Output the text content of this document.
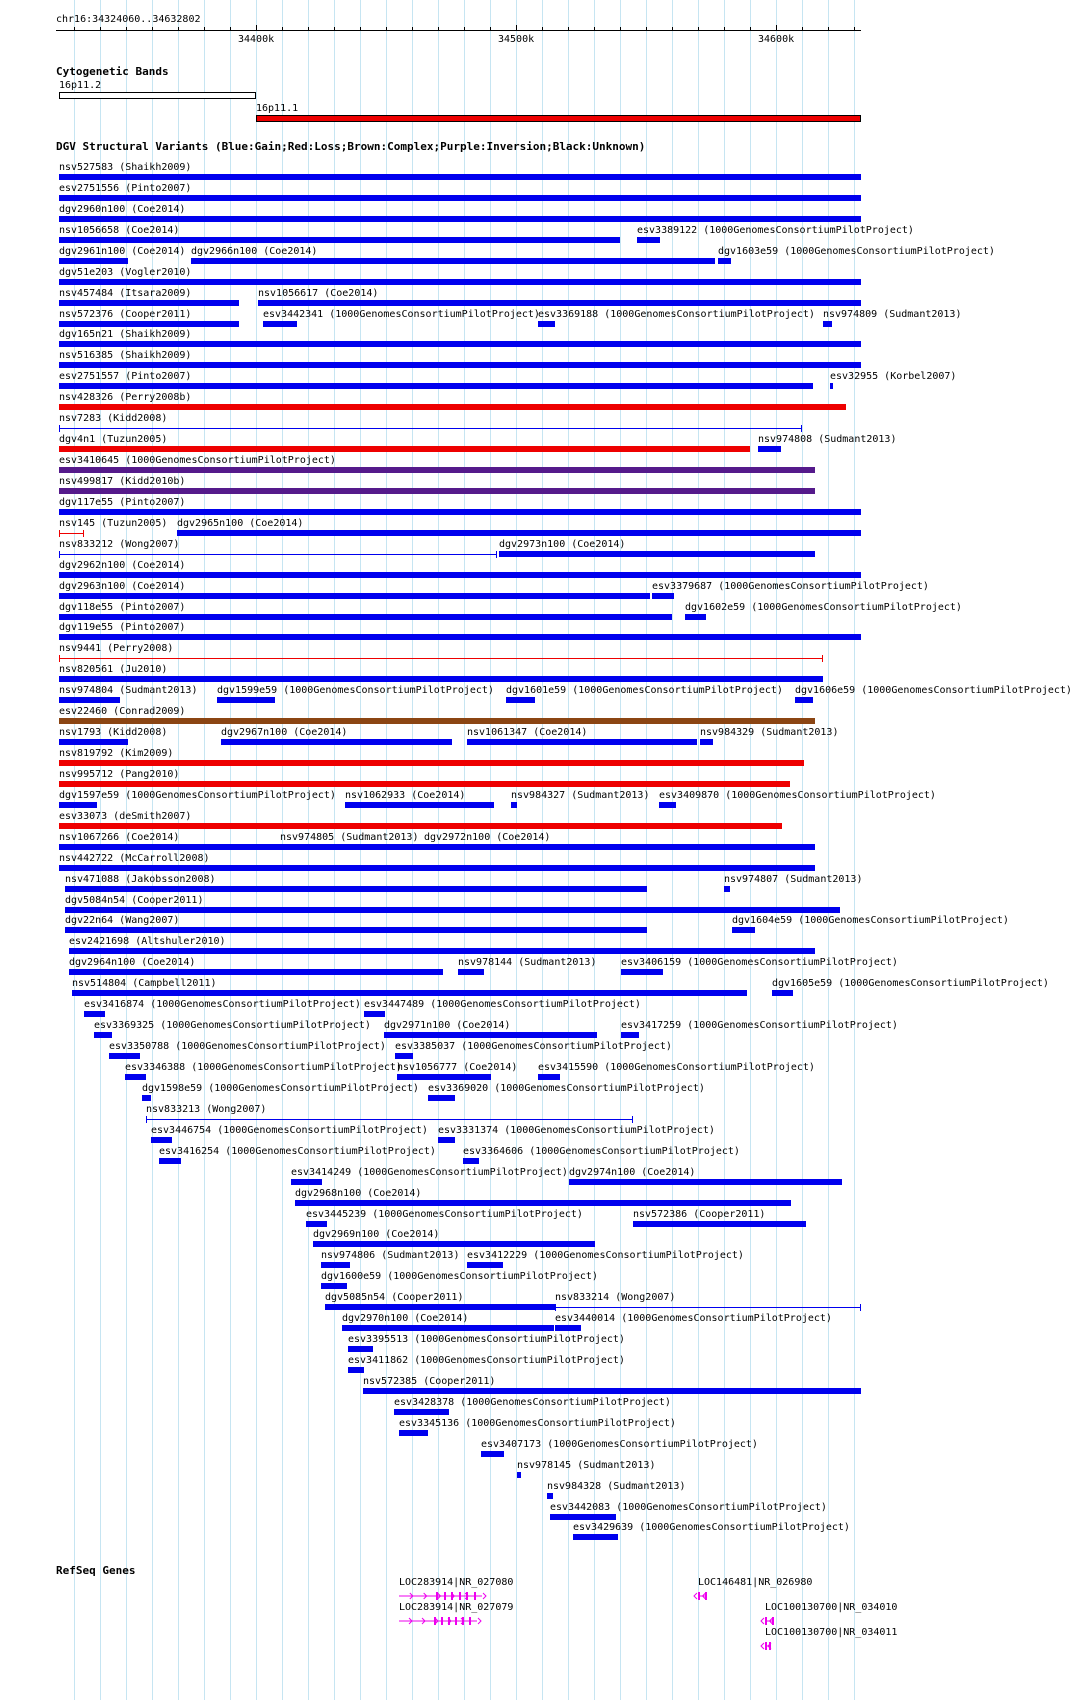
chr16:34324060..34632802
34400k	34500k	34600k
Cytogenetic Bands
DGV Structural Variants (Blue:Gain;Red:Loss;Brown:Complex;Purple:Inversion;Black:Unknown)
RefSeq Genes
16p11.2
16p11.1
nsv527583 (Shaikh2009)
esv2751556 (Pinto2007)
dgv2960n100 (Coe2014)
nsv1056658 (Coe2014)	esv3389122 (1000GenomesConsortiumPilotProject)
dgv2961n100 (Coe2014) dgv2966n100 (Coe2014)	dgv1603e59 (1000GenomesConsortiumPilotProject)
dgv51e203 (Vogler2010)
nsv457484 (Itsara2009)	nsv1056617 (Coe2014)
nsv572376 (Cooper2011)	esv3442341 (1000GenomesConsortiumPilotProject)
esv3369188 (1000GenomesConsortiumPilotProject) nsv974809 (Sudmant2013)
dgv165n21 (Shaikh2009)
nsv516385 (Shaikh2009)
esv2751557 (Pinto2007)	esv32955 (Korbel2007)
nsv428326 (Perry2008b)
nsv7283 (Kidd2008)
dgv4n1 (Tuzun2005)	nsv974808 (Sudmant2013)
esv3410645 (1000GenomesConsortiumPilotProject)
nsv499817 (Kidd2010b)
dgv117e55 (Pinto2007)
nsv145 (Tuzun2005) dgv2965n100 (Coe2014)
nsv833212 (Wong2007)	dgv2973n100 (Coe2014)
dgv2962n100 (Coe2014)
dgv2963n100 (Coe2014)	esv3379687 (1000GenomesConsortiumPilotProject)
dgv118e55 (Pinto2007)	dgv1602e59 (1000GenomesConsortiumPilotProject)
dgv119e55 (Pinto2007)
nsv9441 (Perry2008)
nsv820561 (Ju2010)
nsv974804 (Sudmant2013) dgv1599e59 (1000GenomesConsortiumPilotProject) dgv1601e59 (1000GenomesConsortiumPilotProject) dgv1606e59 (1000GenomesConsortiumPilotProject)
esv22460 (Conrad2009)
nsv1793 (Kidd2008)	dgv2967n100 (Coe2014)	nsv1061347 (Coe2014)	nsv984329 (Sudmant2013)
nsv819792 (Kim2009)
nsv995712 (Pang2010)
dgv1597e59 (1000GenomesConsortiumPilotProject) nsv1062933 (Coe2014)	nsv984327 (Sudmant2013) esv3409870 (1000GenomesConsortiumPilotProject)
esv33073 (deSmith2007)
nsv1067266 (Coe2014)	nsv974805 (Sudmant2013) dgv2972n100 (Coe2014)
nsv442722 (McCarroll2008)
nsv471088 (Jakobsson2008)	nsv974807 (Sudmant2013)
dgv5084n54 (Cooper2011)
dgv22n64 (Wang2007)	dgv1604e59 (1000GenomesConsortiumPilotProject)
esv2421698 (Altshuler2010)
dgv2964n100 (Coe2014)	nsv978144 (Sudmant2013) esv3406159 (1000GenomesConsortiumPilotProject)
nsv514804 (Campbell2011)	dgv1605e59 (1000GenomesConsortiumPilotProject)
esv3416874 (1000GenomesConsortiumPilotProject) esv3447489 (1000GenomesConsortiumPilotProject)
esv3369325 (1000GenomesConsortiumPilotProject) dgv2971n100 (Coe2014)	esv3417259 (1000GenomesConsortiumPilotProject)
esv3350788 (1000GenomesConsortiumPilotProject) esv3385037 (1000GenomesConsortiumPilotProject)
esv3346388 (1000GenomesConsortiumPilotProject)
nsv1056777 (Coe2014) esv3415590 (1000GenomesConsortiumPilotProject)
dgv1598e59 (1000GenomesConsortiumPilotProject) esv3369020 (1000GenomesConsortiumPilotProject)
nsv833213 (Wong2007)
esv3446754 (1000GenomesConsortiumPilotProject) esv3331374 (1000GenomesConsortiumPilotProject)
esv3416254 (1000GenomesConsortiumPilotProject)	esv3364606 (1000GenomesConsortiumPilotProject)
esv3414249 (1000GenomesConsortiumPilotProject) dgv2974n100 (Coe2014)
dgv2968n100 (Coe2014)
esv3445239 (1000GenomesConsortiumPilotProject)	nsv572386 (Cooper2011)
dgv2969n100 (Coe2014)
nsv974806 (Sudmant2013) esv3412229 (1000GenomesConsortiumPilotProject)
dgv1600e59 (1000GenomesConsortiumPilotProject)
dgv5085n54 (Cooper2011)	nsv833214 (Wong2007)
dgv2970n100 (Coe2014)	esv3440014 (1000GenomesConsortiumPilotProject)
esv3395513 (1000GenomesConsortiumPilotProject)
esv3411862 (1000GenomesConsortiumPilotProject)
nsv572385 (Cooper2011)
esv3428378 (1000GenomesConsortiumPilotProject)
esv3345136 (1000GenomesConsortiumPilotProject)
esv3407173 (1000GenomesConsortiumPilotProject)
nsv978145 (Sudmant2013)
nsv984328 (Sudmant2013)
esv3442083 (1000GenomesConsortiumPilotProject)
esv3429639 (1000GenomesConsortiumPilotProject)
LOC283914|NR_027080
LOC283914|NR_027079
LOC146481|NR_026980
LOC100130700|NR_034010
LOC100130700|NR_034011
